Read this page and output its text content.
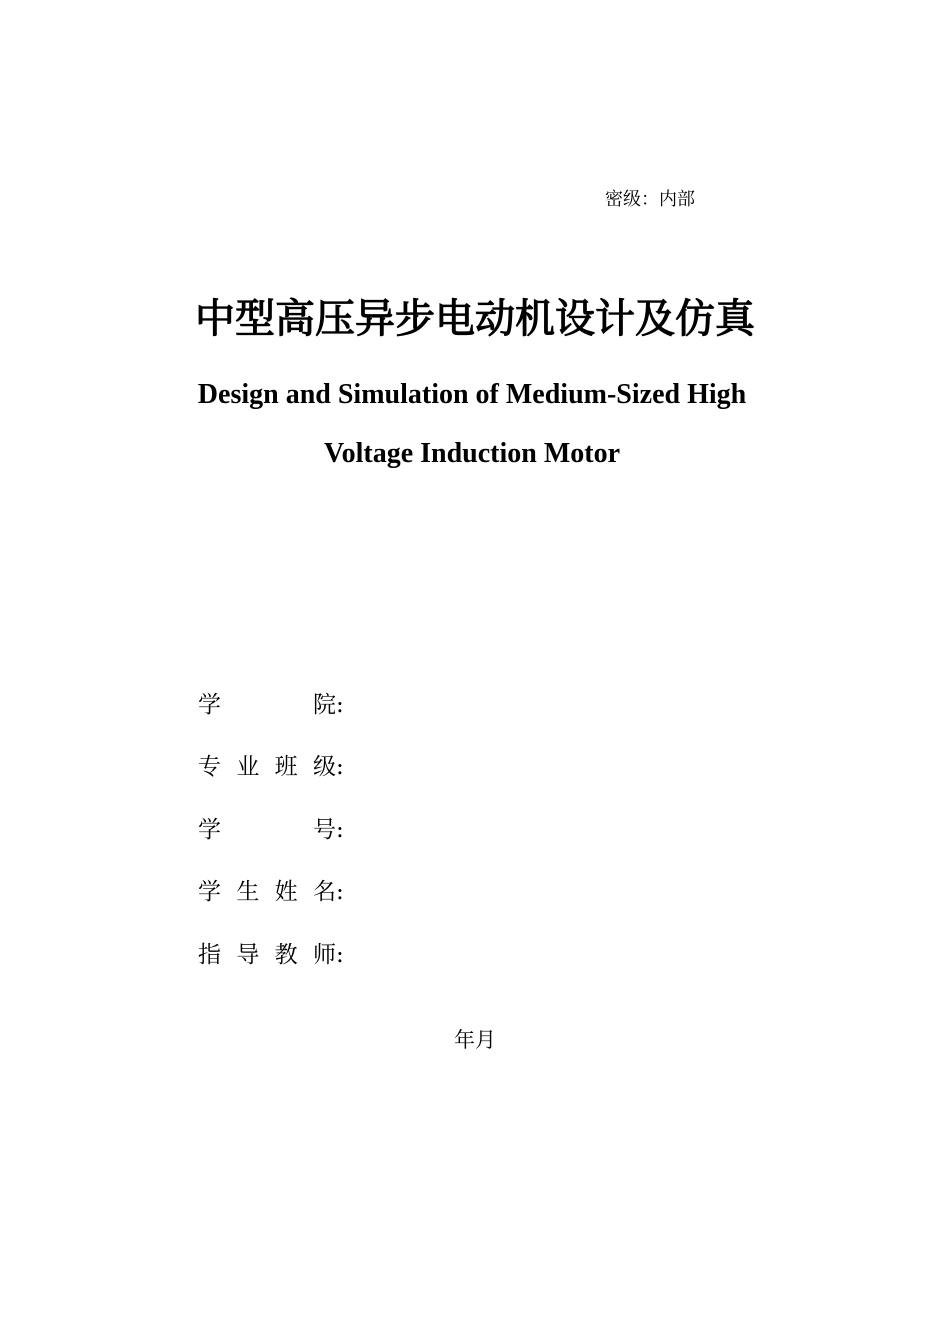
密级：内部
中型高压异步电动机设计及仿真
Design and Simulation of Medium-Sized High
Voltage Induction Motor
学	院 :
专 业 班 级 :
学	号 :
学 生 姓 名 :
指 导 教 师 :
年月
